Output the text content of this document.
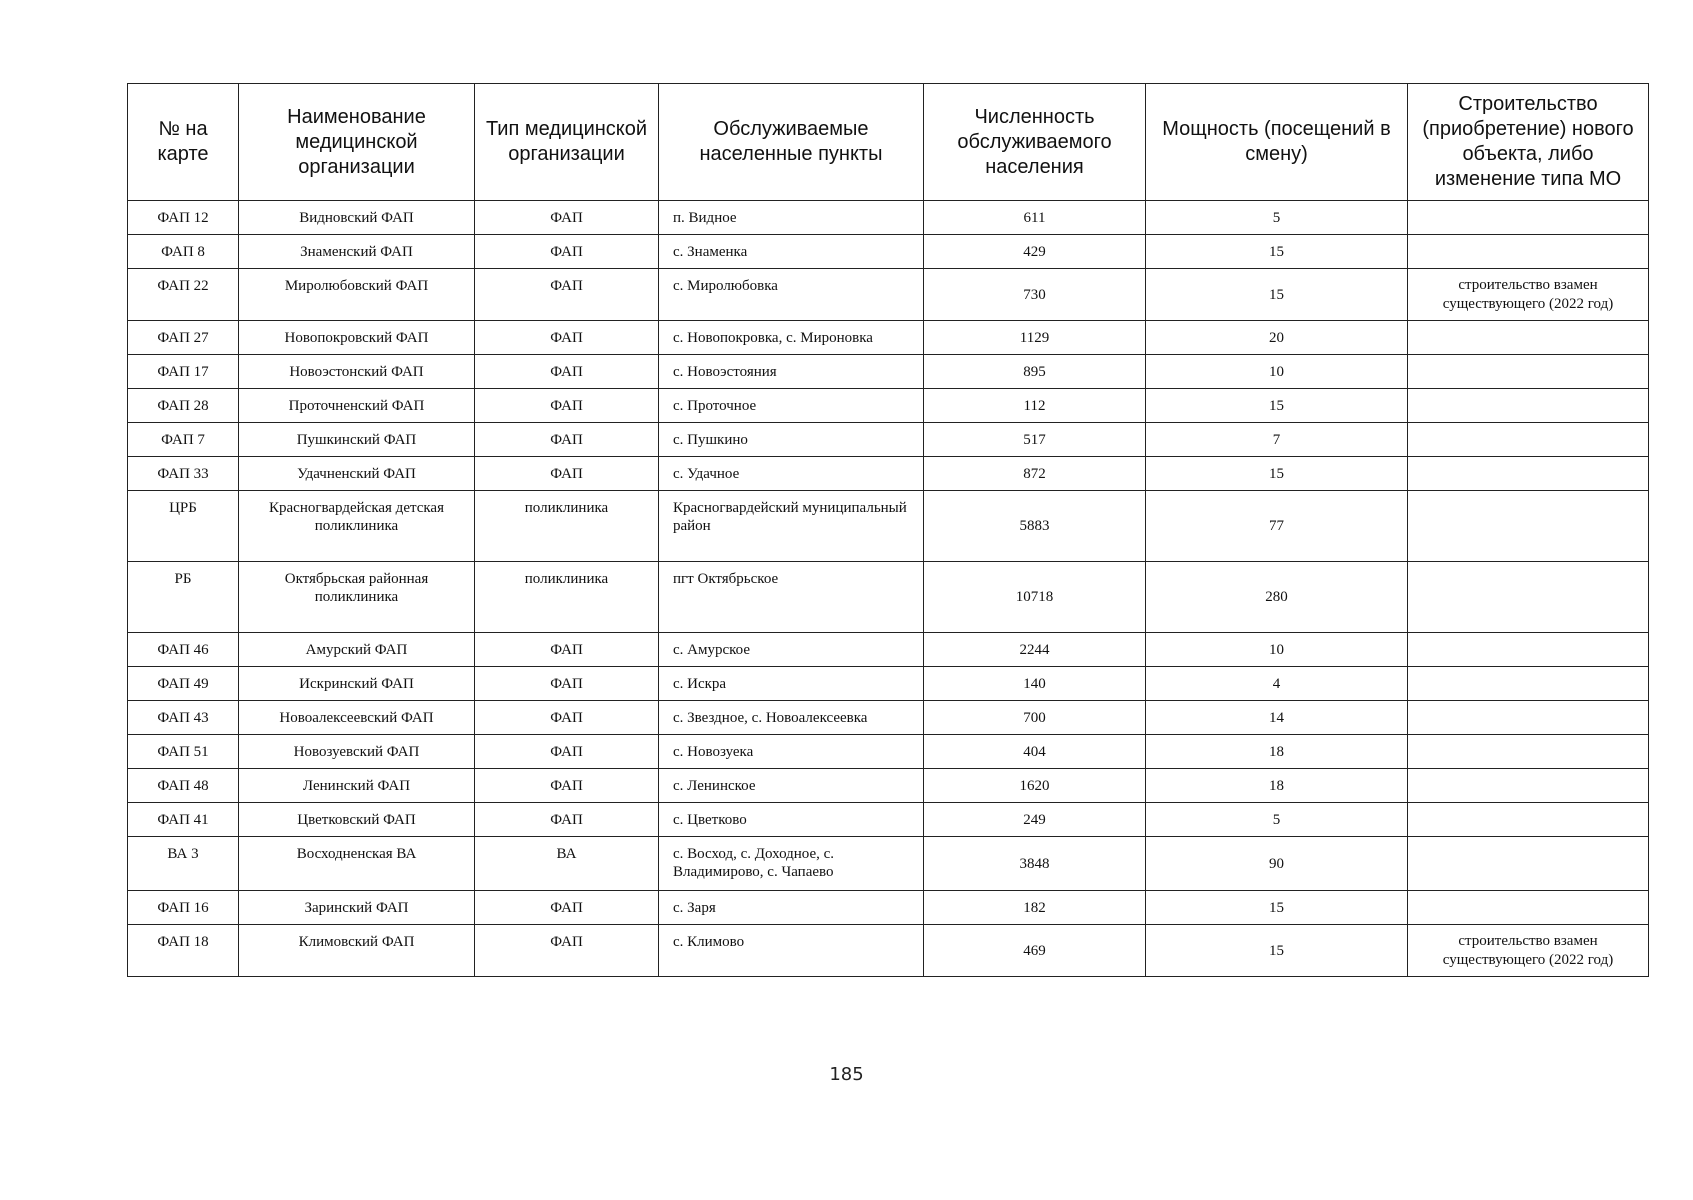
№ на карте	Наименование медицинской организации	Тип медицинской организации	Обслуживаемые населенные пункты	Численность обслуживаемого населения	Мощность (посещений в смену)	Строительство (приобретение) нового объекта, либо изменение типа МО
ФАП 12	Видновский ФАП	ФАП	п. Видное	611	5	
ФАП 8	Знаменский ФАП	ФАП	с. Знаменка	429	15	
ФАП 22	Миролюбовский ФАП	ФАП	с. Миролюбовка	730	15	строительство взамен существующего (2022 год)
ФАП 27	Новопокровский ФАП	ФАП	с. Новопокровка, с. Мироновка	1129	20	
ФАП 17	Новоэстонский ФАП	ФАП	с. Новоэстояния	895	10	
ФАП 28	Проточненский ФАП	ФАП	с. Проточное	112	15	
ФАП 7	Пушкинский ФАП	ФАП	с. Пушкино	517	7	
ФАП 33	Удачненский ФАП	ФАП	с. Удачное	872	15	
ЦРБ	Красногвардейская детская поликлиника	поликлиника	Красногвардейский муниципальный район	5883	77	
РБ	Октябрьская районная поликлиника	поликлиника	пгт Октябрьское	10718	280	
ФАП 46	Амурский ФАП	ФАП	с. Амурское	2244	10	
ФАП 49	Искринский ФАП	ФАП	с. Искра	140	4	
ФАП 43	Новоалексеевский ФАП	ФАП	с. Звездное, с. Новоалексеевка	700	14	
ФАП 51	Новозуевский ФАП	ФАП	с. Новозуека	404	18	
ФАП 48	Ленинский ФАП	ФАП	с. Ленинское	1620	18	
ФАП 41	Цветковский ФАП	ФАП	с. Цветково	249	5	
ВА 3	Восходненская ВА	ВА	с. Восход, с. Доходное, с. Владимирово, с. Чапаево	3848	90	
ФАП 16	Заринский ФАП	ФАП	с. Заря	182	15	
ФАП 18	Климовский ФАП	ФАП	с. Климово	469	15	строительство взамен существующего (2022 год)
185
